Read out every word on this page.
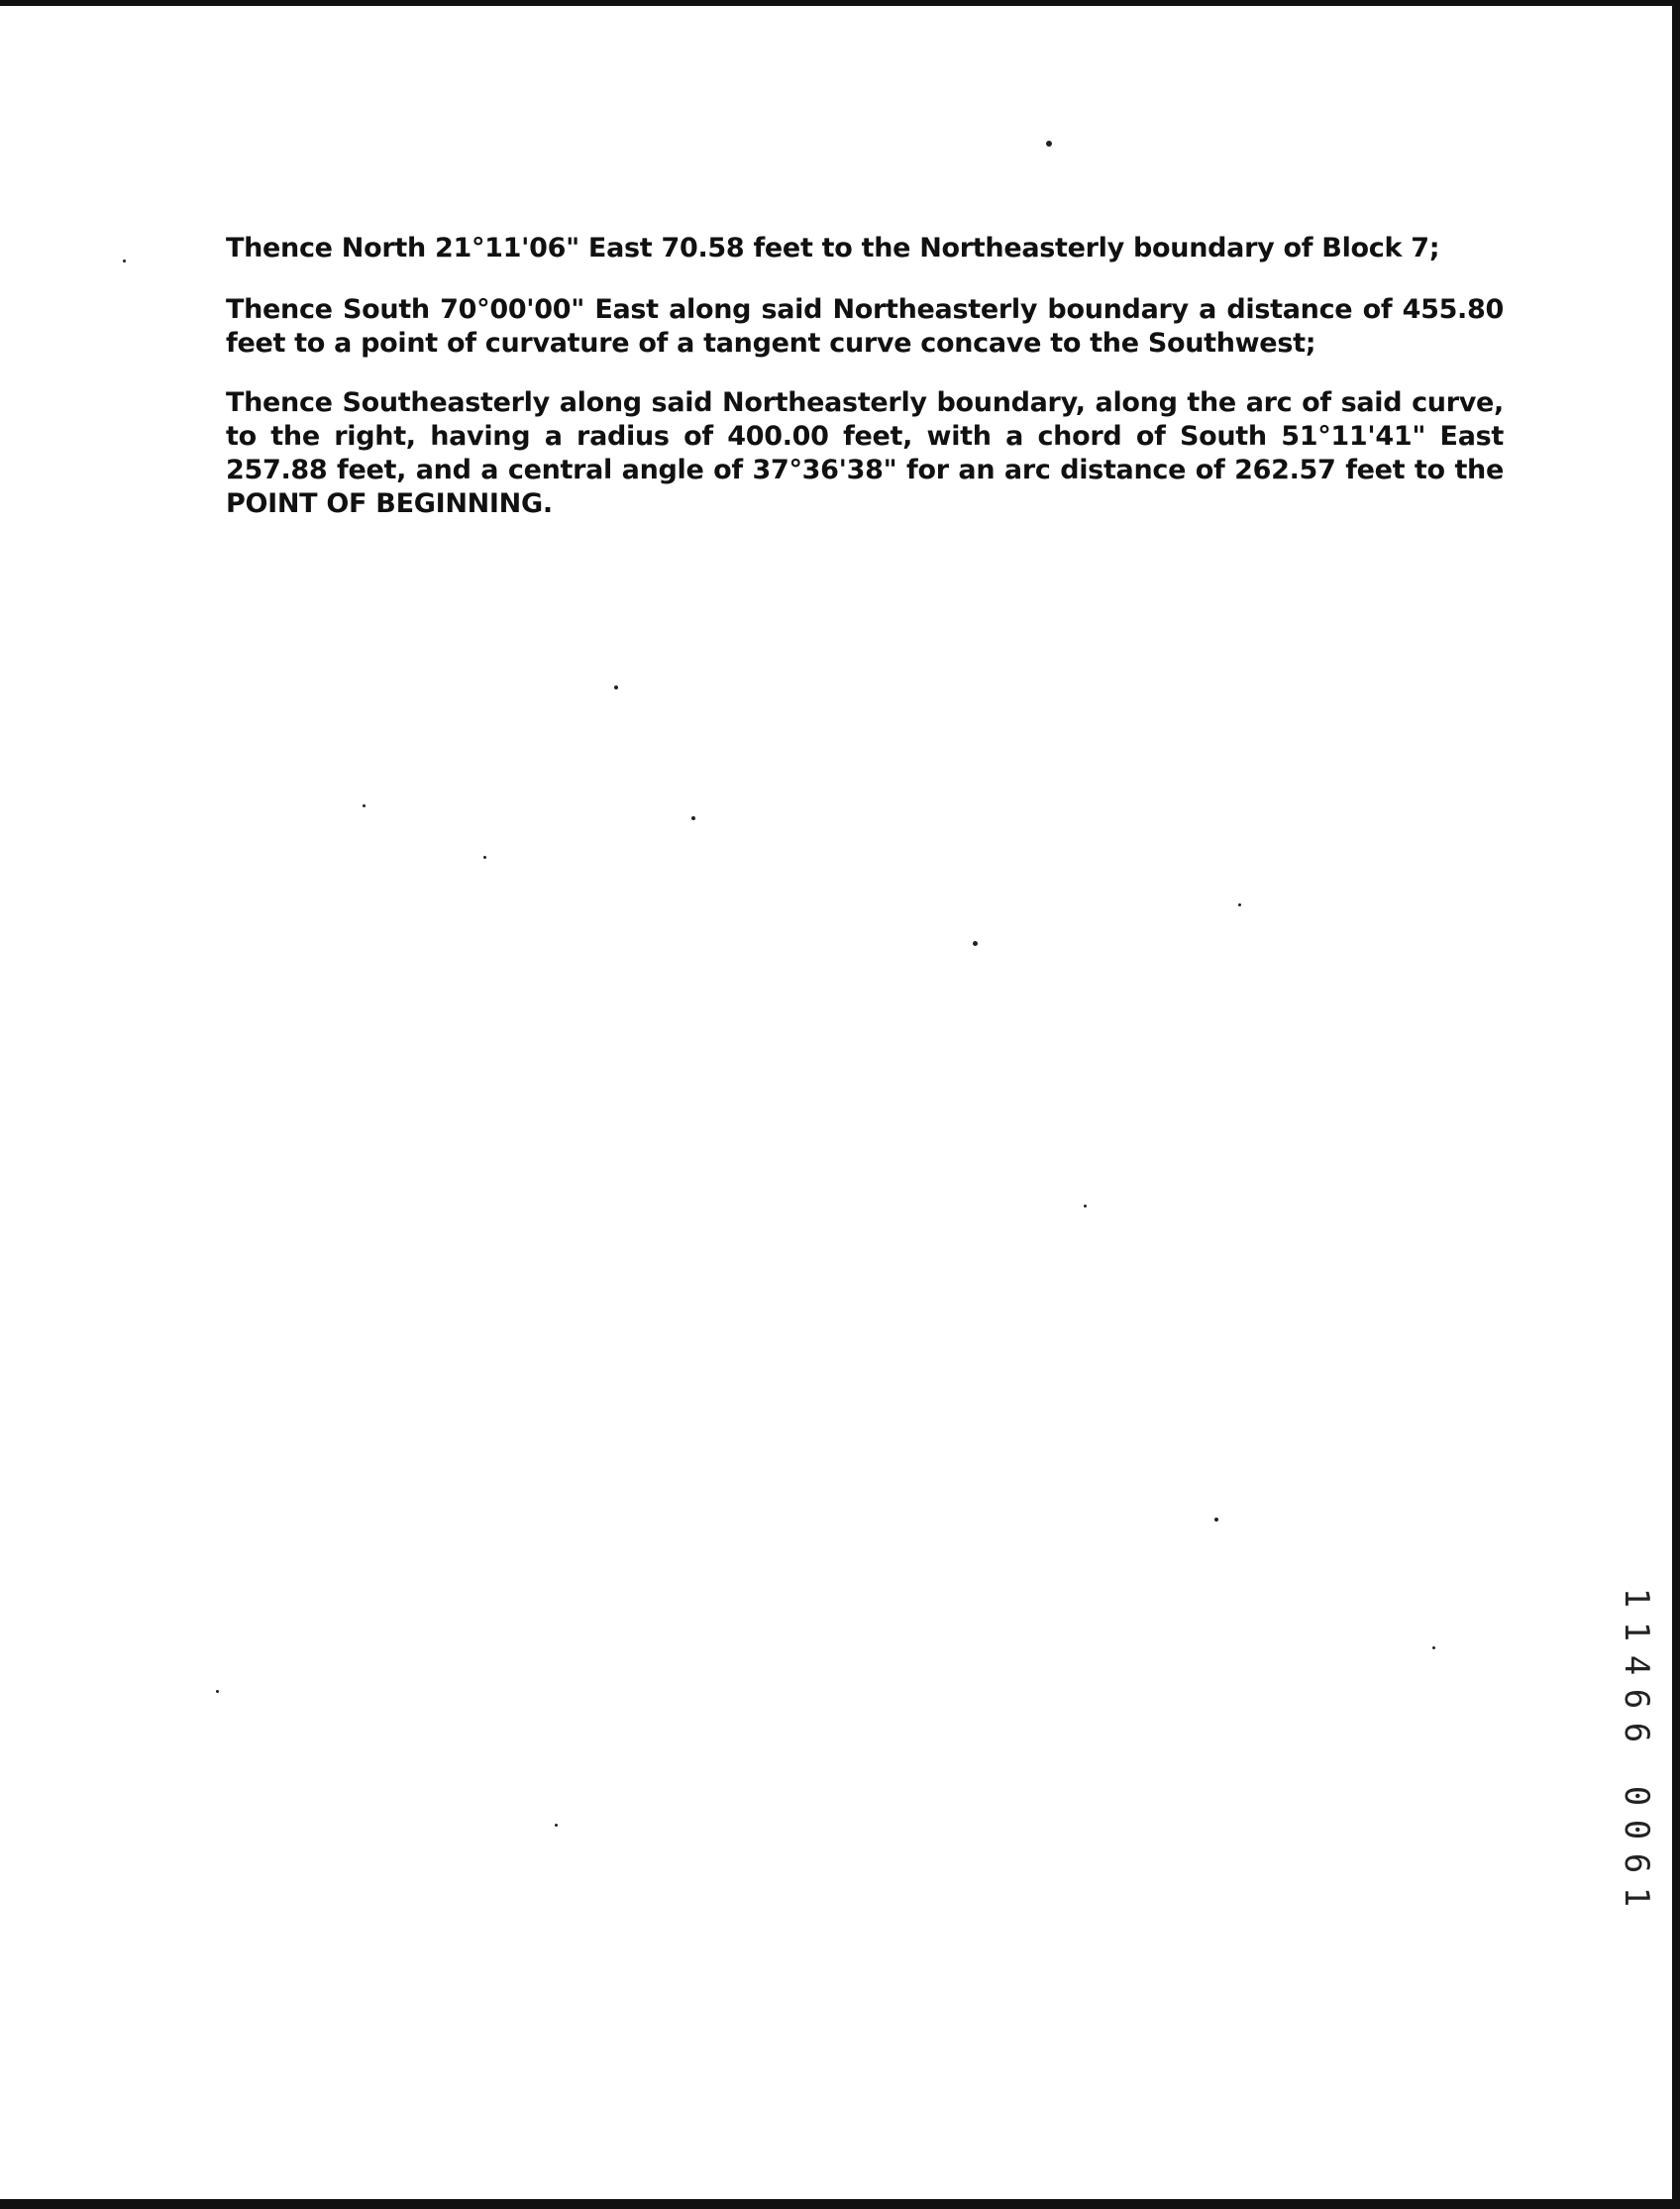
Thence North 21°11'06" East 70.58 feet to the Northeasterly boundary of Block 7;

Thence South 70°00'00" East along said Northeasterly boundary a distance of 455.80 feet to a point of curvature of a tangent curve concave to the Southwest;

Thence Southeasterly along said Northeasterly boundary, along the arc of said curve, to the right, having a radius of 400.00 feet, with a chord of South 51°11'41" East 257.88 feet, and a central angle of 37°36'38" for an arc distance of 262.57 feet to the POINT OF BEGINNING.

1
1
4
6
6
0
0
6
1
